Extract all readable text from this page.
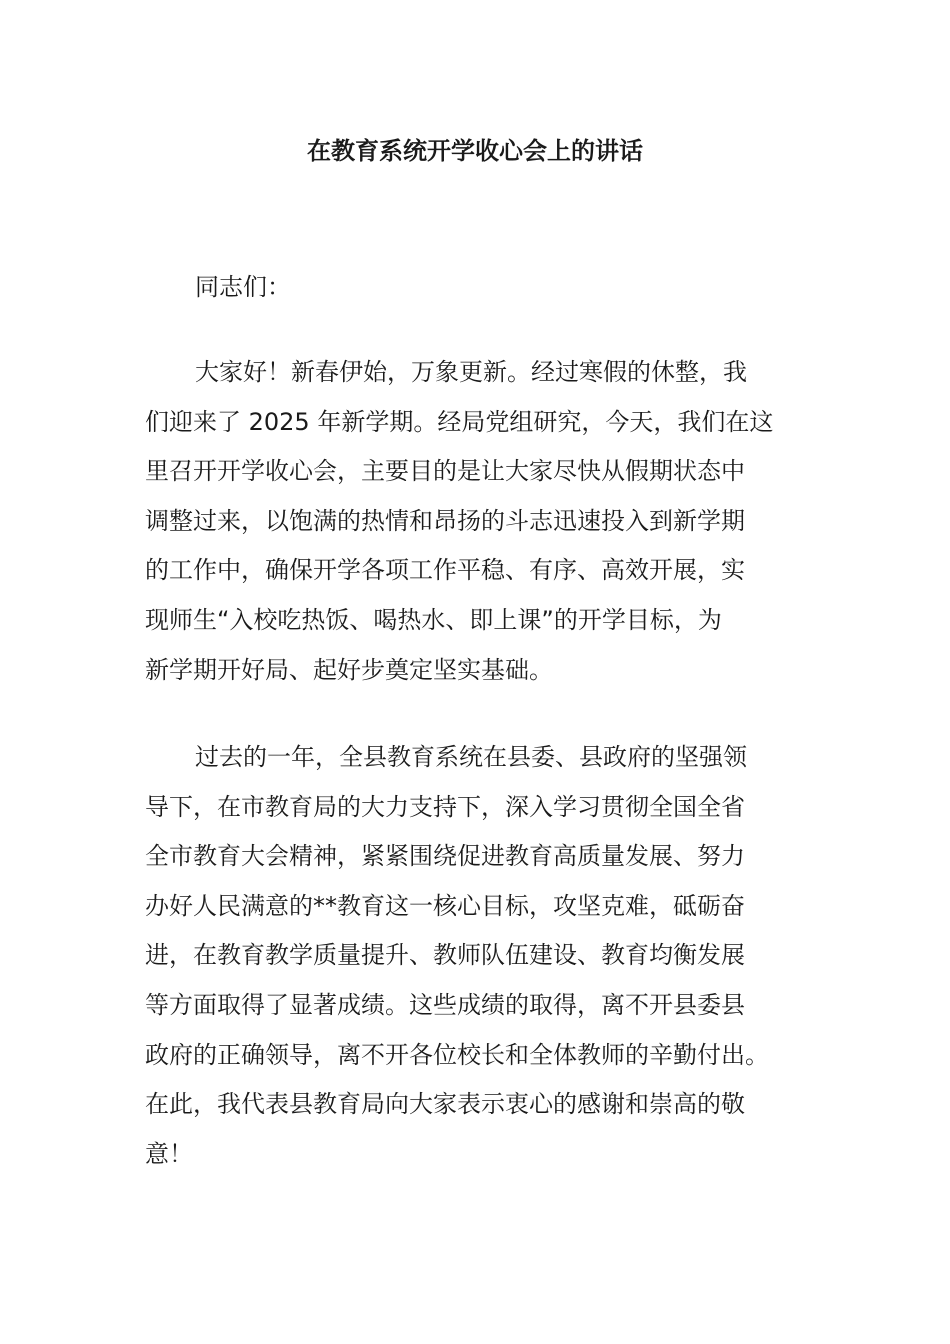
在教育系统开学收心会上的讲话

同志们：

大家好！新春伊始，万象更新。经过寒假的休整，我
们迎来了 2025 年新学期。经局党组研究，今天，我们在这
里召开开学收心会，主要目的是让大家尽快从假期状态中
调整过来，以饱满的热情和昂扬的斗志迅速投入到新学期
的工作中，确保开学各项工作平稳、有序、高效开展，实
现师生“入校吃热饭、喝热水、即上课”的开学目标，为
新学期开好局、起好步奠定坚实基础。
过去的一年，全县教育系统在县委、县政府的坚强领
导下，在市教育局的大力支持下，深入学习贯彻全国全省
全市教育大会精神，紧紧围绕促进教育高质量发展、努力
办好人民满意的**教育这一核心目标，攻坚克难，砥砺奋
进，在教育教学质量提升、教师队伍建设、教育均衡发展
等方面取得了显著成绩。这些成绩的取得，离不开县委县
政府的正确领导，离不开各位校长和全体教师的辛勤付出。
在此，我代表县教育局向大家表示衷心的感谢和崇高的敬
意！
